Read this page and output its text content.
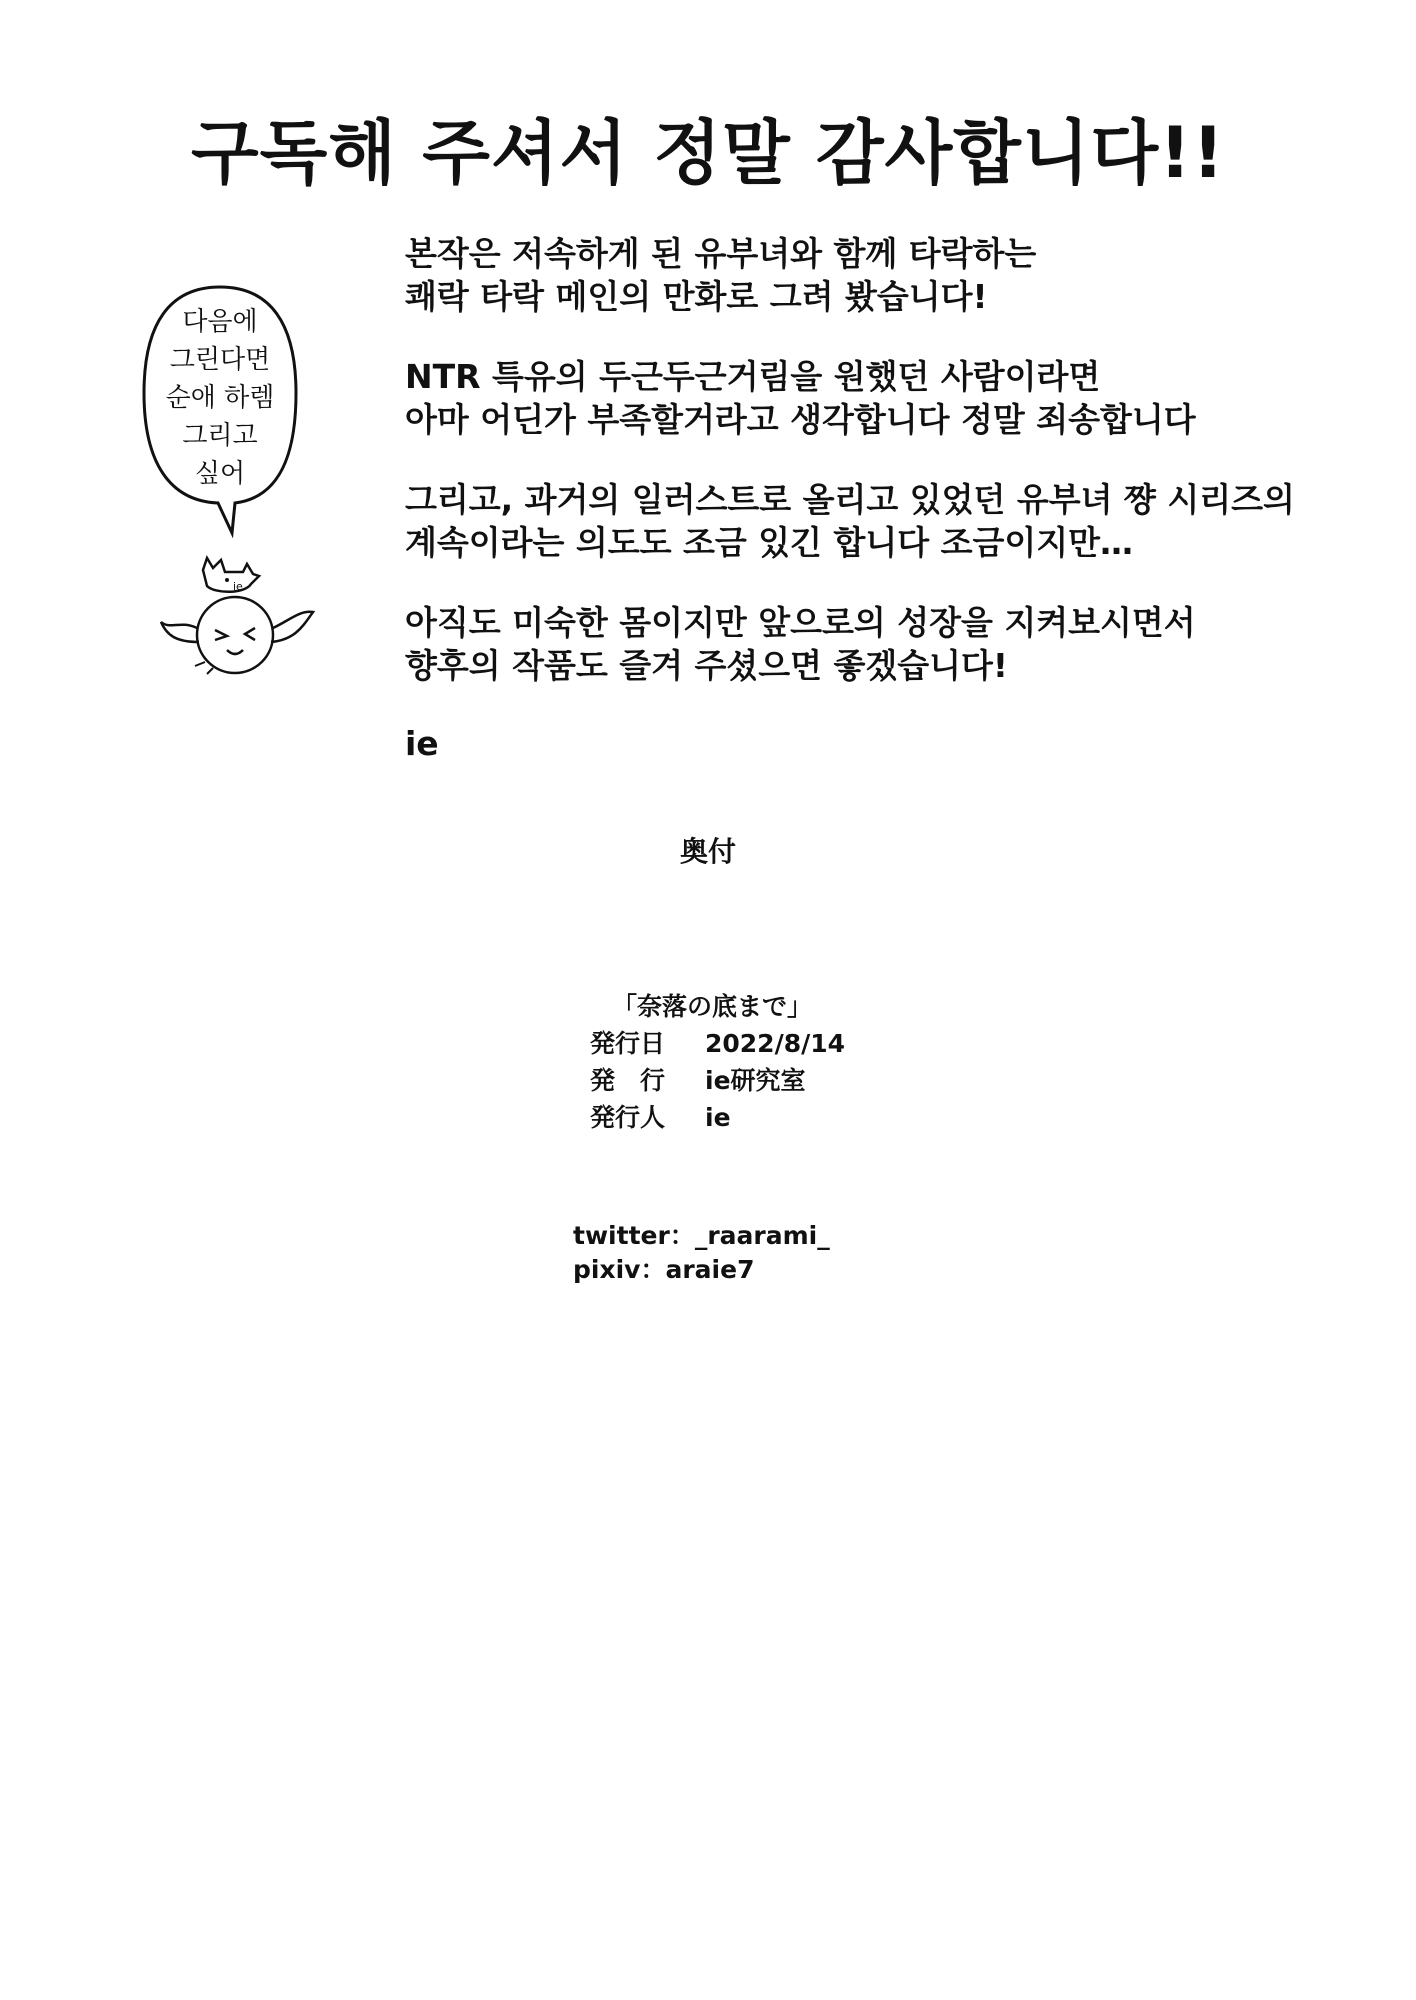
구독해 주셔서 정말 감사합니다!!
다음에
그린다면
순애 하렘
그리고
싶어
ie

본작은 저속하게 된 유부녀와 함께 타락하는
쾌락 타락 메인의 만화로 그려 봤습니다!

NTR 특유의 두근두근거림을 원했던 사람이라면
아마 어딘가 부족할거라고 생각합니다 정말 죄송합니다

그리고, 과거의 일러스트로 올리고 있었던 유부녀 쨩 시리즈의
계속이라는 의도도 조금 있긴 합니다 조금이지만…

아직도 미숙한 몸이지만 앞으로의 성장을 지켜보시면서
향후의 작품도 즐겨 주셨으면 좋겠습니다!

ie
奥付
「奈落の底まで」
発行日 2022/8/14
発　行 ie研究室
発行人 ie
twitter：_raarami_
pixiv：araie7
